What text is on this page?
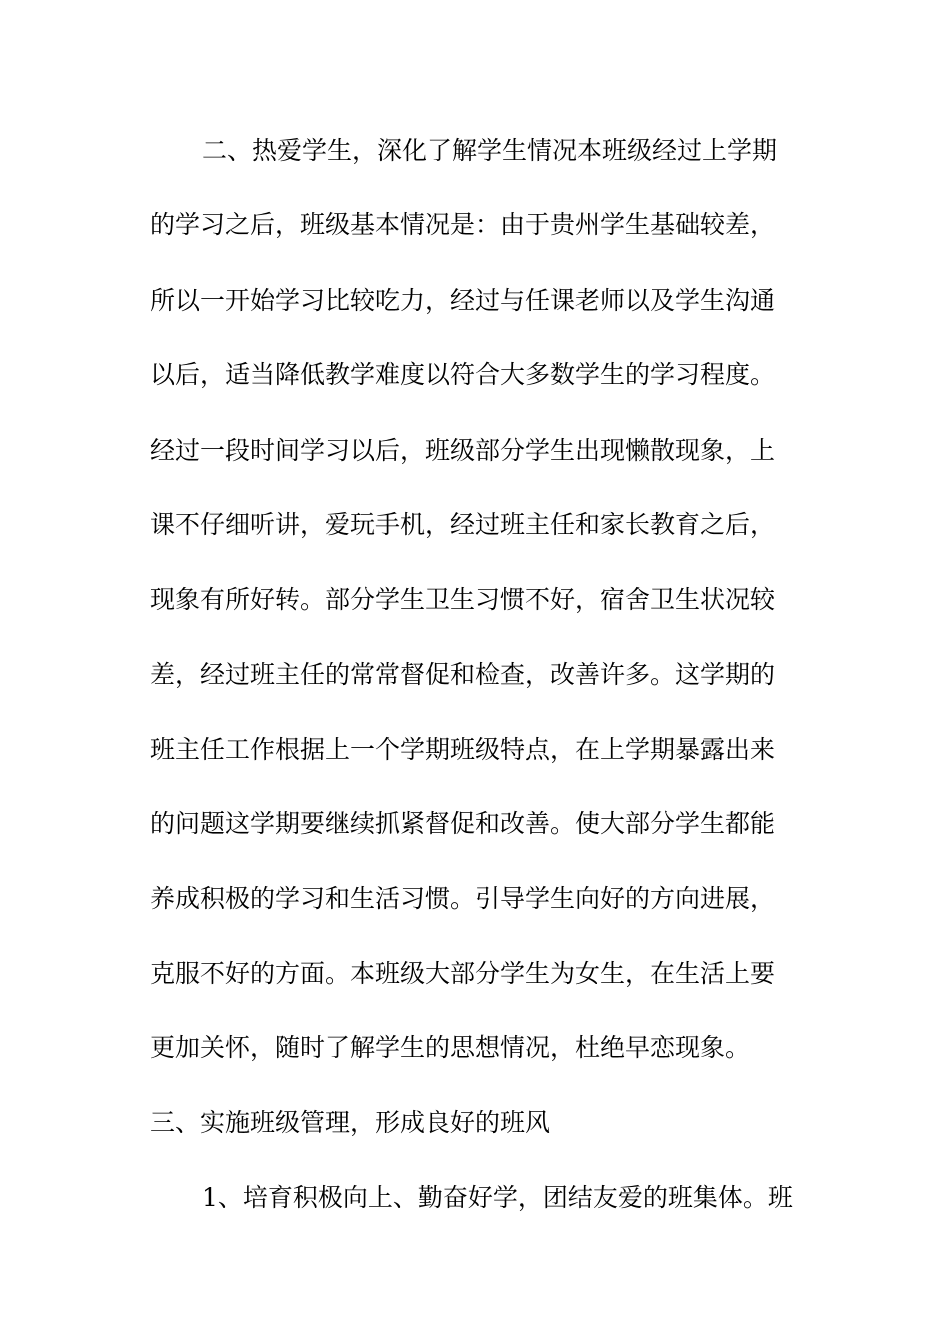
二、热爱学生，深化了解学生情况本班级经过上学期
的学习之后，班级基本情况是：由于贵州学生基础较差，
所以一开始学习比较吃力，经过与任课老师以及学生沟通
以后，适当降低教学难度以符合大多数学生的学习程度。
经过一段时间学习以后，班级部分学生出现懒散现象，上
课不仔细听讲，爱玩手机，经过班主任和家长教育之后，
现象有所好转。部分学生卫生习惯不好，宿舍卫生状况较
差，经过班主任的常常督促和检查，改善许多。这学期的
班主任工作根据上一个学期班级特点，在上学期暴露出来
的问题这学期要继续抓紧督促和改善。使大部分学生都能
养成积极的学习和生活习惯。引导学生向好的方向进展，
克服不好的方面。本班级大部分学生为女生，在生活上要
更加关怀，随时了解学生的思想情况，杜绝早恋现象。
三、实施班级管理，形成良好的班风
1、培育积极向上、勤奋好学，团结友爱的班集体。班
